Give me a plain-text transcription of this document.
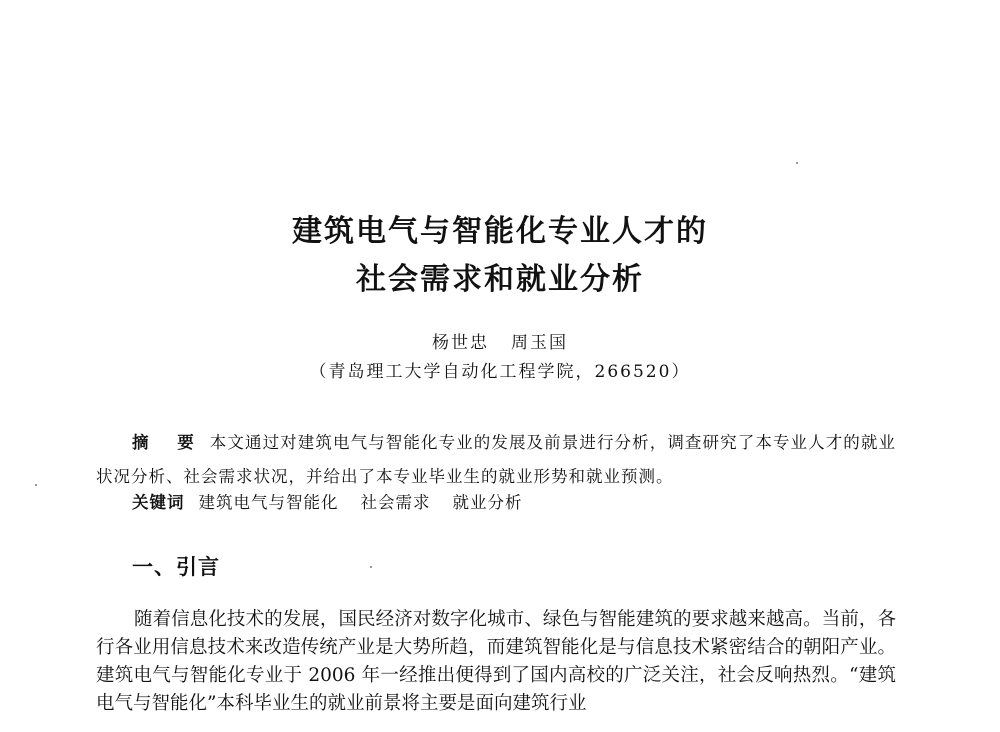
建筑电气与智能化专业人才的
社会需求和就业分析
杨世忠 周玉国
（青岛理工大学自动化工程学院，266520）

摘　要 本文通过对建筑电气与智能化专业的发展及前景进行分析，调查研究了本专业人才的就业状况分析、社会需求状况，并给出了本专业毕业生的就业形势和就业预测。

关键词 建筑电气与智能化 社会需求 就业分析
一、引言

随着信息化技术的发展，国民经济对数字化城市、绿色与智能建筑的要求越来越高。当前，各行各业用信息技术来改造传统产业是大势所趋，而建筑智能化是与信息技术紧密结合的朝阳产业。建筑电气与智能化专业于 2006 年一经推出便得到了国内高校的广泛关注，社会反响热烈。“建筑电气与智能化”本科毕业生的就业前景将主要是面向建筑行业
